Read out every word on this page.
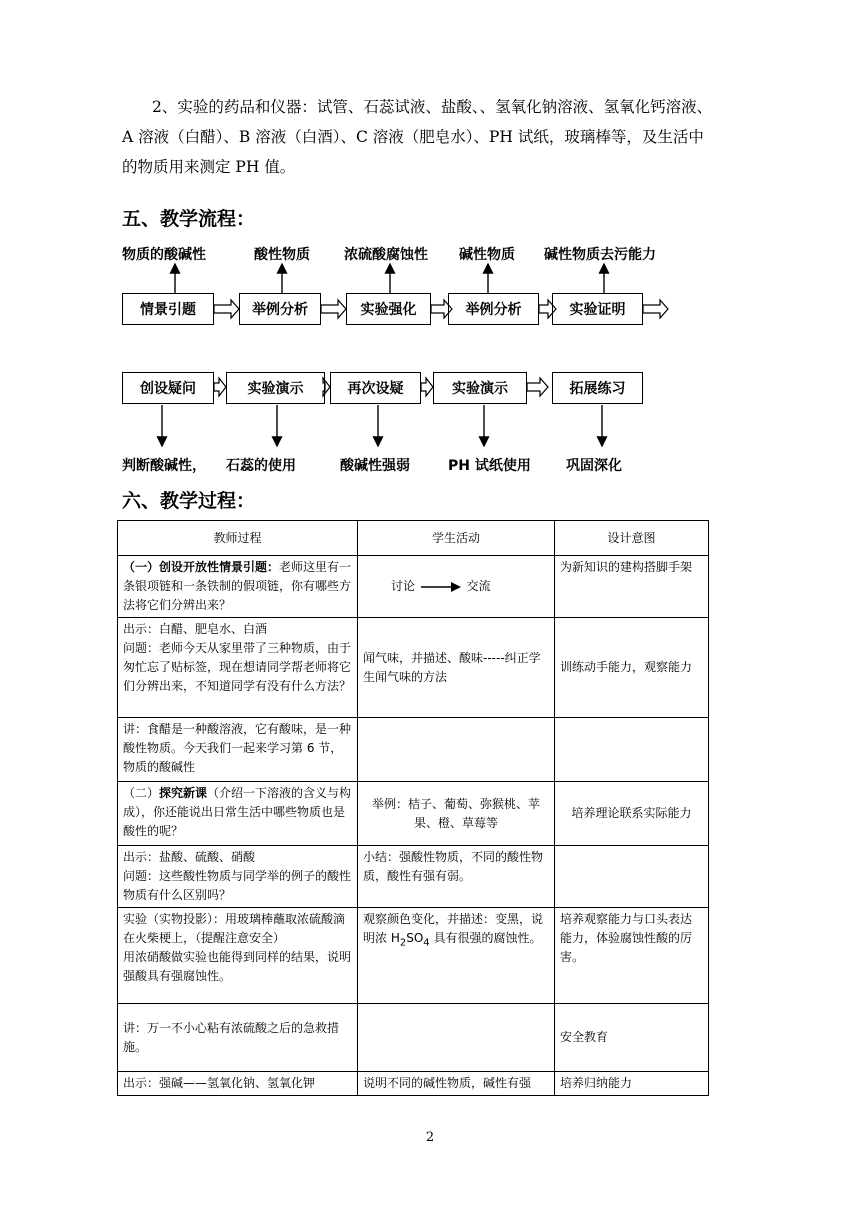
2、实验的药品和仪器：试管、石蕊试液、盐酸、、氢氧化钠溶液、氢氧化钙溶液、
A 溶液（白醋）、B 溶液（白酒）、C 溶液（肥皂水）、PH 试纸，玻璃棒等，及生活中
的物质用来测定 PH 值。
五、教学流程：
物质的酸碱性	酸性物质 浓硫酸腐蚀性 碱性物质 碱性物质去污能力
情景引题	举例分析	实验强化	举例分析	实验证明
创设疑问	实验演示	再次设疑	实验演示	拓展练习
判断酸碱性， 石蕊的使用	酸碱性强弱	PH 试纸使用	巩固深化
六、教学过程：
教师过程	学生活动	设计意图
（一）创设开放性情景引题：老师这里有一条银项链和一条铁制的假项链，你有哪些方法将它们分辨出来？	讨论 交流	为新知识的建构搭脚手架

出示：白醋、肥皂水、白酒
问题：老师今天从家里带了三种物质，由于匆忙忘了贴标签，现在想请同学帮老师将它们分辨出来，不知道同学有没有什么方法？	闻气味，并描述、酸味-----纠正学生闻气味的方法	训练动手能力，观察能力
讲：食醋是一种酸溶液，它有酸味，是一种酸性物质。今天我们一起来学习第 6 节，物质的酸碱性		
（二）探究新课（介绍一下溶液的含义与构成），你还能说出日常生活中哪些物质也是酸性的呢？	举例：桔子、葡萄、弥猴桃、苹果、橙、草莓等	培养理论联系实际能力

出示：盐酸、硫酸、硝酸
问题：这些酸性物质与同学举的例子的酸性物质有什么区别吗？	小结：强酸性物质，不同的酸性物质，酸性有强有弱。	

实验（实物投影）：用玻璃棒蘸取浓硫酸滴在火柴梗上，（提醒注意安全）
用浓硝酸做实验也能得到同样的结果，说明强酸具有强腐蚀性。	观察颜色变化，并描述：变黑，说明浓 $H_2SO_4$ 具有很强的腐蚀性。	培养观察能力与口头表达能力，体验腐蚀性酸的厉害。
讲：万一不小心粘有浓硫酸之后的急救措施。		安全教育
出示：强碱——氢氧化钠、氢氧化钾	说明不同的碱性物质，碱性有强	培养归纳能力
2
